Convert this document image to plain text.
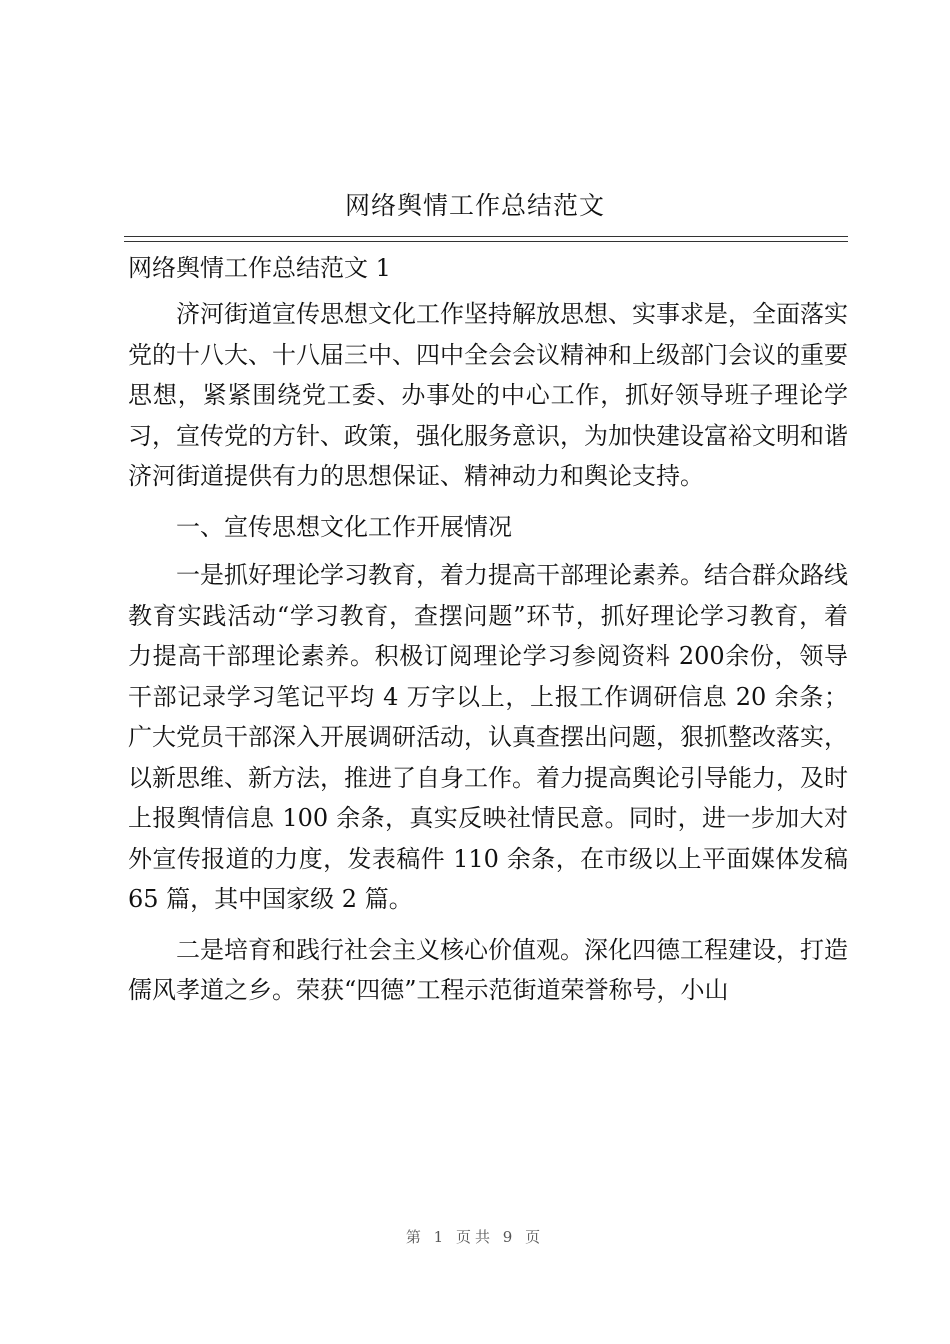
网络舆情工作总结范文
网络舆情工作总结范文 1

济河街道宣传思想文化工作坚持解放思想、实事求是，全面落实党的十八大、十八届三中、四中全会会议精神和上级部门会议的重要思想，紧紧围绕党工委、办事处的中心工作，抓好领导班子理论学习，宣传党的方针、政策，强化服务意识，为加快建设富裕文明和谐济河街道提供有力的思想保证、精神动力和舆论支持。

一、宣传思想文化工作开展情况

一是抓好理论学习教育，着力提高干部理论素养。结合群众路线教育实践活动“学习教育，查摆问题”环节，抓好理论学习教育，着力提高干部理论素养。积极订阅理论学习参阅资料 200余份，领导干部记录学习笔记平均 4 万字以上，上报工作调研信息 20 余条；广大党员干部深入开展调研活动，认真查摆出问题，狠抓整改落实，以新思维、新方法，推进了自身工作。着力提高舆论引导能力，及时上报舆情信息 100 余条，真实反映社情民意。同时，进一步加大对外宣传报道的力度，发表稿件 110 余条，在市级以上平面媒体发稿 65 篇，其中国家级 2 篇。

二是培育和践行社会主义核心价值观。深化四德工程建设，打造儒风孝道之乡。荣获“四德”工程示范街道荣誉称号，小山

第 1 页共 9 页
